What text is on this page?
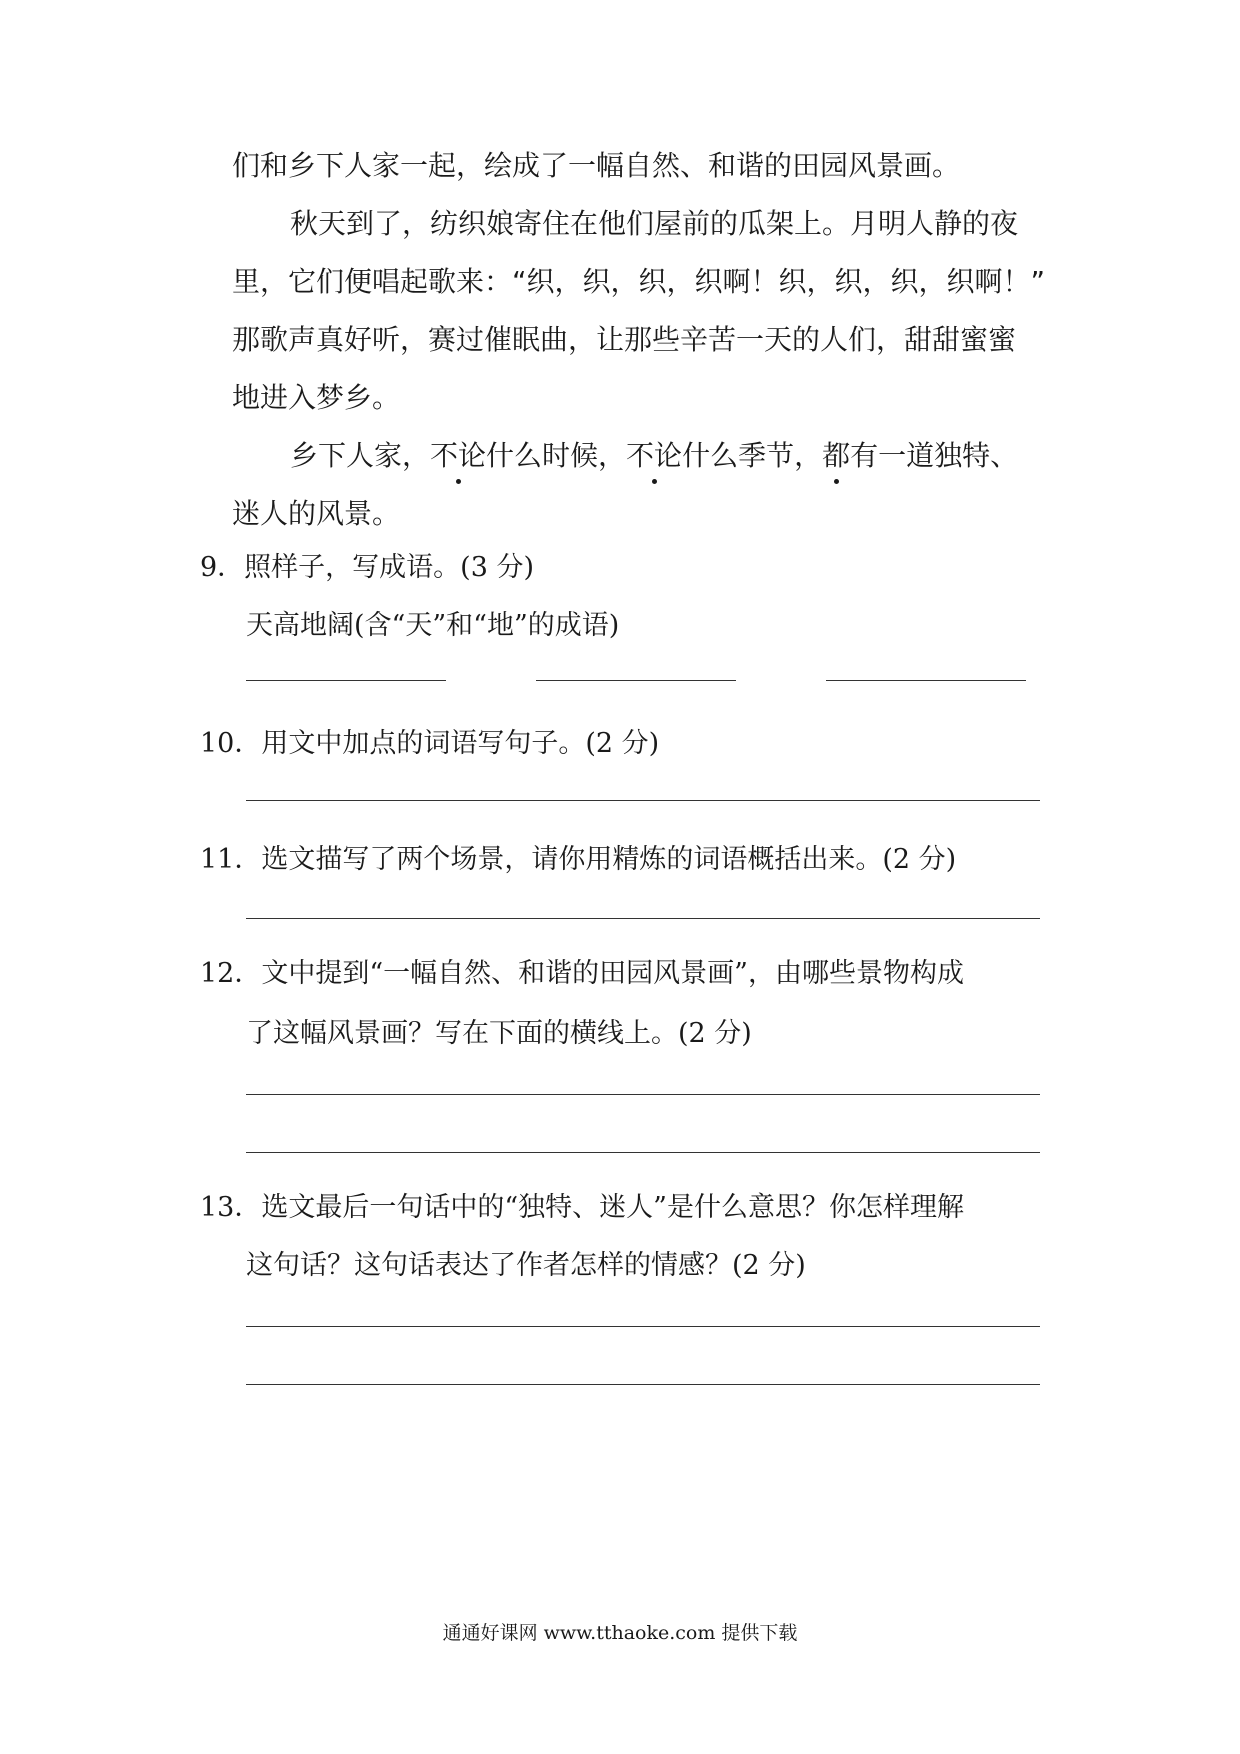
们和乡下人家一起，绘成了一幅自然、和谐的田园风景画。
秋天到了，纺织娘寄住在他们屋前的瓜架上。月明人静的夜
里，它们便唱起歌来：“织，织，织，织啊！织，织，织，织啊！”
那歌声真好听，赛过催眠曲，让那些辛苦一天的人们，甜甜蜜蜜
地进入梦乡。
乡下人家，不论什么时候，不论什么季节，都有一道独特、
迷人的风景。
9．照样子，写成语。(3 分)
天高地阔(含“天”和“地”的成语)
10．用文中加点的词语写句子。(2 分)
11．选文描写了两个场景，请你用精炼的词语概括出来。(2 分)
12．文中提到“一幅自然、和谐的田园风景画”，由哪些景物构成
了这幅风景画？写在下面的横线上。(2 分)
13．选文最后一句话中的“独特、迷人”是什么意思？你怎样理解
这句话？这句话表达了作者怎样的情感？(2 分)
通通好课网 www.tthaoke.com 提供下载
